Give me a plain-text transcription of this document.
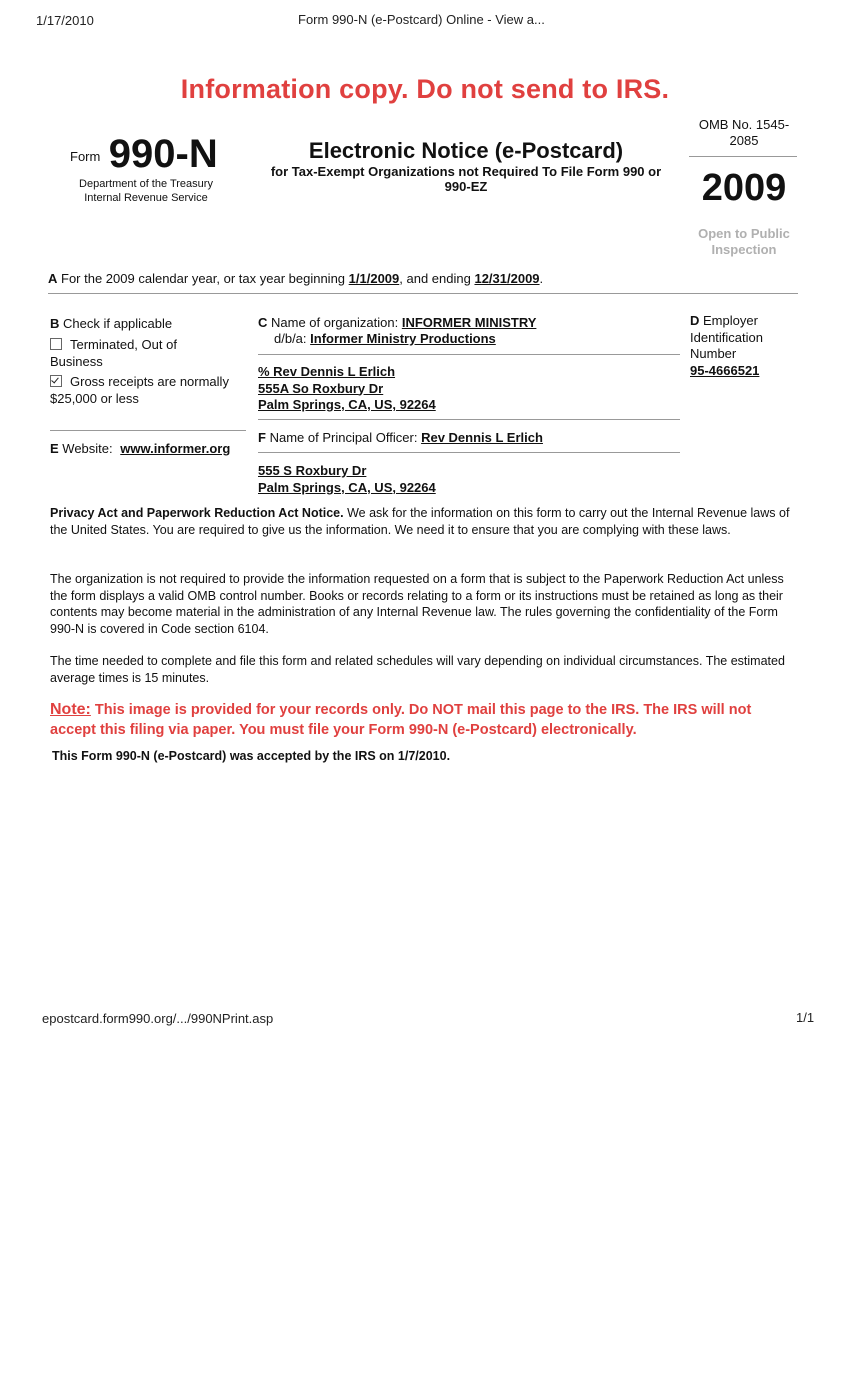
1/17/2010	Form 990-N (e-Postcard) Online - View a...
Information copy. Do not send to IRS.
$^{Form}$ 990-N
Department of the Treasury
Internal Revenue Service
Electronic Notice (e-Postcard)
for Tax-Exempt Organizations not Required To File Form 990 or 990-EZ
OMB No. 1545-2085
2009
Open to Public Inspection
A For the 2009 calendar year, or tax year beginning 1/1/2009, and ending 12/31/2009.
B Check if applicable
Terminated, Out of Business
Gross receipts are normally $25,000 or less
E Website: www.informer.org
C Name of organization: INFORMER MINISTRY
d/b/a: Informer Ministry Productions
% Rev Dennis L Erlich
555A So Roxbury Dr
Palm Springs, CA, US, 92264
F Name of Principal Officer: Rev Dennis L Erlich
555 S Roxbury Dr
Palm Springs, CA, US, 92264
D Employer Identification Number
95-4666521
Privacy Act and Paperwork Reduction Act Notice. We ask for the information on this form to carry out the Internal Revenue laws of the United States. You are required to give us the information. We need it to ensure that you are complying with these laws.
The organization is not required to provide the information requested on a form that is subject to the Paperwork Reduction Act unless the form displays a valid OMB control number. Books or records relating to a form or its instructions must be retained as long as their contents may become material in the administration of any Internal Revenue law. The rules governing the confidentiality of the Form 990-N is covered in Code section 6104.
The time needed to complete and file this form and related schedules will vary depending on individual circumstances. The estimated average times is 15 minutes.
Note: This image is provided for your records only. Do NOT mail this page to the IRS. The IRS will not accept this filing via paper. You must file your Form 990-N (e-Postcard) electronically.
This Form 990-N (e-Postcard) was accepted by the IRS on 1/7/2010.
epostcard.form990.org/.../990NPrint.asp	1/1
